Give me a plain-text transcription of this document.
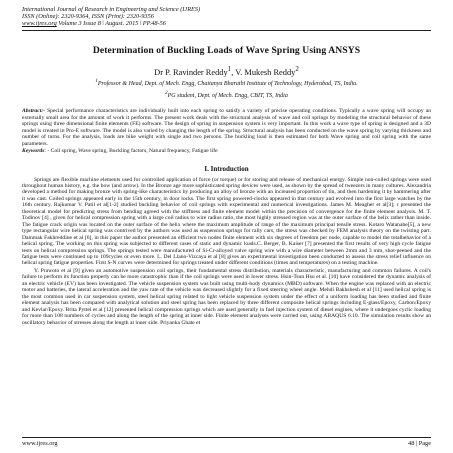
International Journal of Research in Engineering and Science (IJRES)
ISSN (Online): 2320-9364, ISSN (Print): 2320-9356
www.ijres.org Volume 3 Issue 8 ǀ August. 2015 ǀ PP.48-56
Determination of Buckling Loads of Wave Spring Using ANSYS
Dr P. Ravinder Reddy$^1$, V. Mukesh Reddy$^2$
$^1$Professor & Head, Dept. of Mech. Engg, Chaitanya Bharathi Institute of Technology, Hyderabad, TS, India.
$^2$PG student, Dept. of Mech. Engg, CBIT, TS, India
Abstract:- Special performance characteristics are individually built into each spring to satisfy a variety of precise operating conditions. Typically a wave spring will occupy an externally small area for the amount of work it performs. The present work deals with the structural analysis of wave and coil springs by modeling the structural behavior of these springs using three dimensional finite elements (FE) software. The design of spring in suspension system is very important. In this work a wave type of spring is designed and a 3D model is created in Pro-E software. The model is also varied by changing the length of the spring. Structural analysis has been conducted on the wave spring by varying thickness and number of turns. For the analysis, loads are bike weight with single and two persons. The buckling load is then estimated for both Wave spring and coil spring with the same parameters.
Keywords: - Coil spring, Wave spring, Buckling factors, Natural frequency, Fatigue life
I. Introduction

Springs are flexible machine elements used for controlled application of force (or torque) or for storing and release of mechanical energy. Simple non-coiled springs were used throughout human history, e.g. the bow (and arrow). In the Bronze age more sophisticated spring devices were used, as shown by the spread of tweezers in many cultures. Alexandria developed a method for making bronze with spring-like characteristics by producing an alloy of bronze with an increased proportion of tin, and then hardening it by hammering after it was cast. Coiled springs appeared early in the 15th century, in door locks. The first spring powered-clocks appeared in that century and evolved into the first large watches by the 16th century. Rajkumar V. Patil et al[1-2] studied buckling behavior of coil springs with experimental and numerical investigations. James M. Meagher et al[3]; r presented the theoretical model for predicting stress from bending agreed with the stiffness and finite element model within the precision of convergence for the finite element analysis. M. T. Todinov [4] , given for helical compression spring with a large coil radius to wire radius ratio, the most highly stressed region was at the outer surface of the helix rather than inside. The fatigue crack origin was located on the outer surface of the helix where the maximum amplitude of range of the maximum principal tensile stress. Kotaro Watanabe[5], a new type rectangular wire helical spring was contrived by the authors was used as suspension springs for rally cars, the stress was checked by FEM analysis theory on the twisting part. Dammak Fakhreddine et al [6], in this paper the author presented an efficient two nodes finite element with six degrees of freedom per node, capable to model the totalbehavior of a helical spring. The working on this spring was subjected to different cases of static and dynamic loads.C. Berger, B. Kaiser [7] presented the first results of very high cycle fatigue tests on helical compression springs. The springs tested were manufactured of Si-Cr-alloyed valve spring wire with a wire diameter between 2mm and 3 mm, shot-peened and the fatigue tests were continued up to 109cycles or even more. L. Del Llano-Vizcaya et al [8] gives an experimental investigation been conducted to assess the stress relief influence on helical spring fatigue properties. First S-N curves were determined for springs treated under different conditions (times and temperatures) on a testing machine.

Y. Prawoto et al [9] given an automotive suspension coil springs, their fundamental stress distribution, materials characteristic, manufacturing and common failures. A coil's failure to perform its function properly can be more catastrophic than if the coil springs were used in lower stress. Hsin-Tsun Hsu et al. [10] have considered the dynamic analysis of an electric vehicle (EV) has been investigated. The vehicle suspension system was built using multi-body dynamics (MBD) software. When the engine was replaced with an electric motor and batteries, the lateral acceleration and the yaw rate of the vehicle was decreased slightly for a fixed steering wheel angle. Mehdi Bakhshesh et al [11] used helical spring is the most common used in car suspension system, steel helical spring related to light vehicle suspension system under the effect of a uniform loading has been studied and finite element analysis has been compared with analytical solution and steel spring has been replaced by three different composite helical springs including E-glass/Epoxy, Carbon/Epoxy and Kevlar/Epoxy. Brita Pyttel et al [12] presented helical compression springs which are used generally in fuel injection system of diesel engines, where it undergoes cyclic loading for more than 108 numbers of cycles and along the length of the spring at inner side. Finite element analyses were carried out, using ABAQUS 6.10. The simulation results show an oscillatory behavior of stresses along the length at inner side. Priyanka Ghate et

www.ijres.org	48 | Page
